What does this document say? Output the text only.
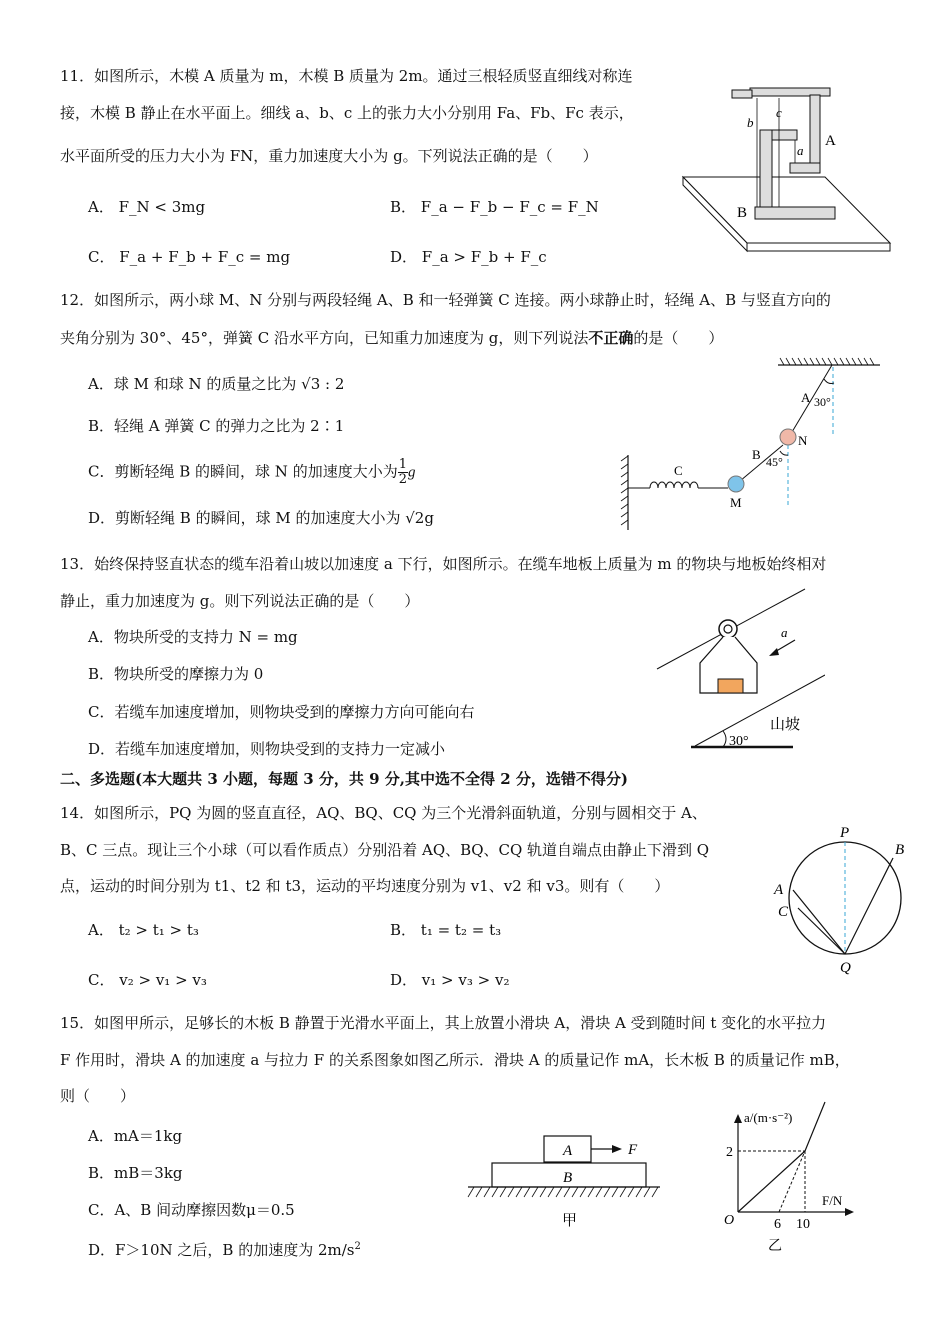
11．如图所示，木模 A 质量为 m，木模 B 质量为 2m。通过三根轻质竖直细线对称连
接，木模 B 静止在水平面上。细线 a、b、c 上的张力大小分别用 Fa、Fb、Fc 表示，
水平面所受的压力大小为 FN，重力加速度大小为 g。下列说法正确的是（　　）
A． F_N < 3mg	B． F_a − F_b − F_c = F_N
C． F_a + F_b + F_c = mg	D． F_a > F_b + F_c
b
c
a
A
B
12．如图所示，两小球 M、N 分别与两段轻绳 A、B 和一轻弹簧 C 连接。两小球静止时，轻绳 A、B 与竖直方向的
夹角分别为 30°、45°，弹簧 C 沿水平方向，已知重力加速度为 g，则下列说法不正确的是（　　）
A．球 M 和球 N 的质量之比为 √3 : 2
B．轻绳 A 弹簧 C 的弹力之比为 2∶1
C．剪断轻绳 B 的瞬间，球 N 的加速度大小为 $\frac{1}{2}$ g
D．剪断轻绳 B 的瞬间，球 M 的加速度大小为 √2g
A 30°
N
B 45°
C
M
13．始终保持竖直状态的缆车沿着山坡以加速度 a 下行，如图所示。在缆车地板上质量为 m 的物块与地板始终相对
静止，重力加速度为 g。则下列说法正确的是（　　）
A．物块所受的支持力 N = mg
B．物块所受的摩擦力为 0
C．若缆车加速度增加，则物块受到的摩擦力方向可能向右
D．若缆车加速度增加，则物块受到的支持力一定减小
a
30°
山坡
二、多选题(本大题共 3 小题，每题 3 分，共 9 分,其中选不全得 2 分，选错不得分)
14．如图所示，PQ 为圆的竖直直径，AQ、BQ、CQ 为三个光滑斜面轨道，分别与圆相交于 A、
B、C 三点。现让三个小球（可以看作质点）分别沿着 AQ、BQ、CQ 轨道自端点由静止下滑到 Q
点，运动的时间分别为 t1、t2 和 t3，运动的平均速度分别为 v1、v2 和 v3。则有（　　）
A． t₂ > t₁ > t₃	B． t₁ = t₂ = t₃
C． v₂ > v₁ > v₃	D． v₁ > v₃ > v₂
P
B
A
C
Q
15．如图甲所示，足够长的木板 B 静置于光滑水平面上，其上放置小滑块 A，滑块 A 受到随时间 t 变化的水平拉力
F 作用时，滑块 A 的加速度 a 与拉力 F 的关系图象如图乙所示．滑块 A 的质量记作 mA，长木板 B 的质量记作 mB，
则（　　）
A．mA＝1kg
B．mB＝3kg
C．A、B 间动摩擦因数μ＝0.5
D．F＞10N 之后，B 的加速度为 $2m/s^2$
A
B
F
甲
a/(m·s⁻²)
F/N
2
O	6 10
乙
